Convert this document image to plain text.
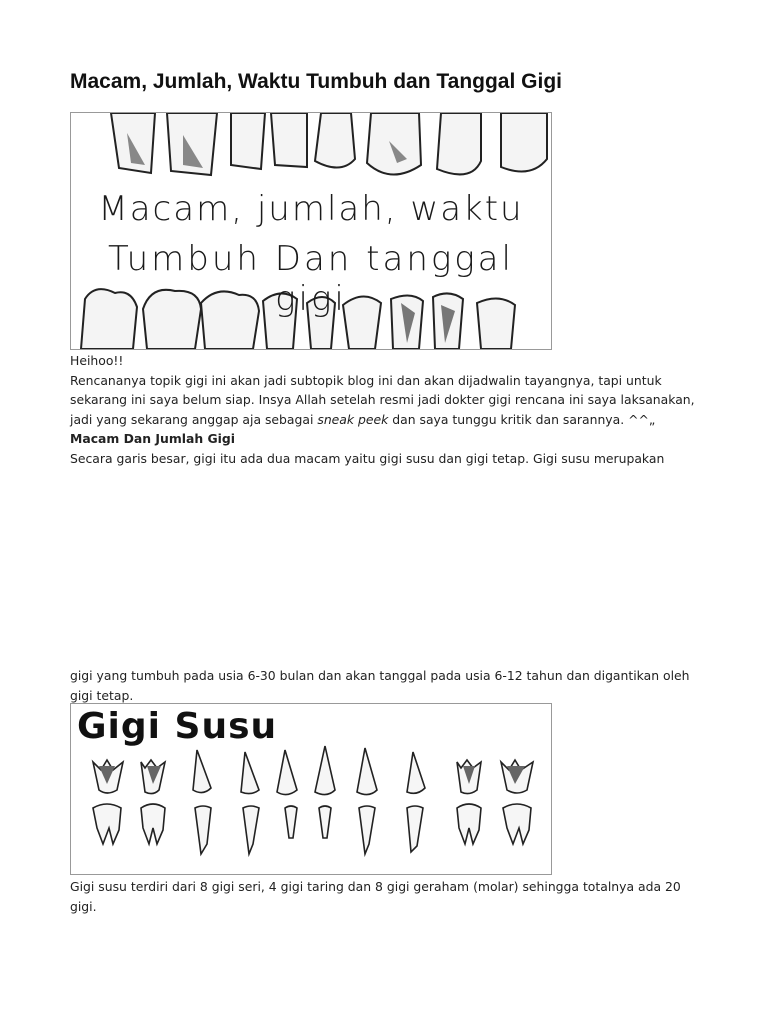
Macam, Jumlah, Waktu Tumbuh dan Tanggal Gigi
Macam, jumlah, waktu
Tumbuh Dan tanggal gigi
Heihoo!!
Rencananya topik gigi ini akan jadi subtopik blog ini dan akan dijadwalin tayangnya, tapi untuk sekarang ini saya belum siap. Insya Allah setelah resmi jadi dokter gigi rencana ini saya laksanakan, jadi yang sekarang anggap aja sebagai sneak peek dan saya tunggu kritik dan sarannya. ^^„
Macam Dan Jumlah Gigi
Secara garis besar, gigi itu ada dua macam yaitu gigi susu dan gigi tetap. Gigi susu merupakan
gigi yang tumbuh pada usia 6-30 bulan dan akan tanggal pada usia 6-12 tahun dan digantikan oleh gigi tetap.
Gigi Susu
Gigi susu terdiri dari 8 gigi seri, 4 gigi taring dan 8 gigi geraham (molar) sehingga totalnya ada 20 gigi.
